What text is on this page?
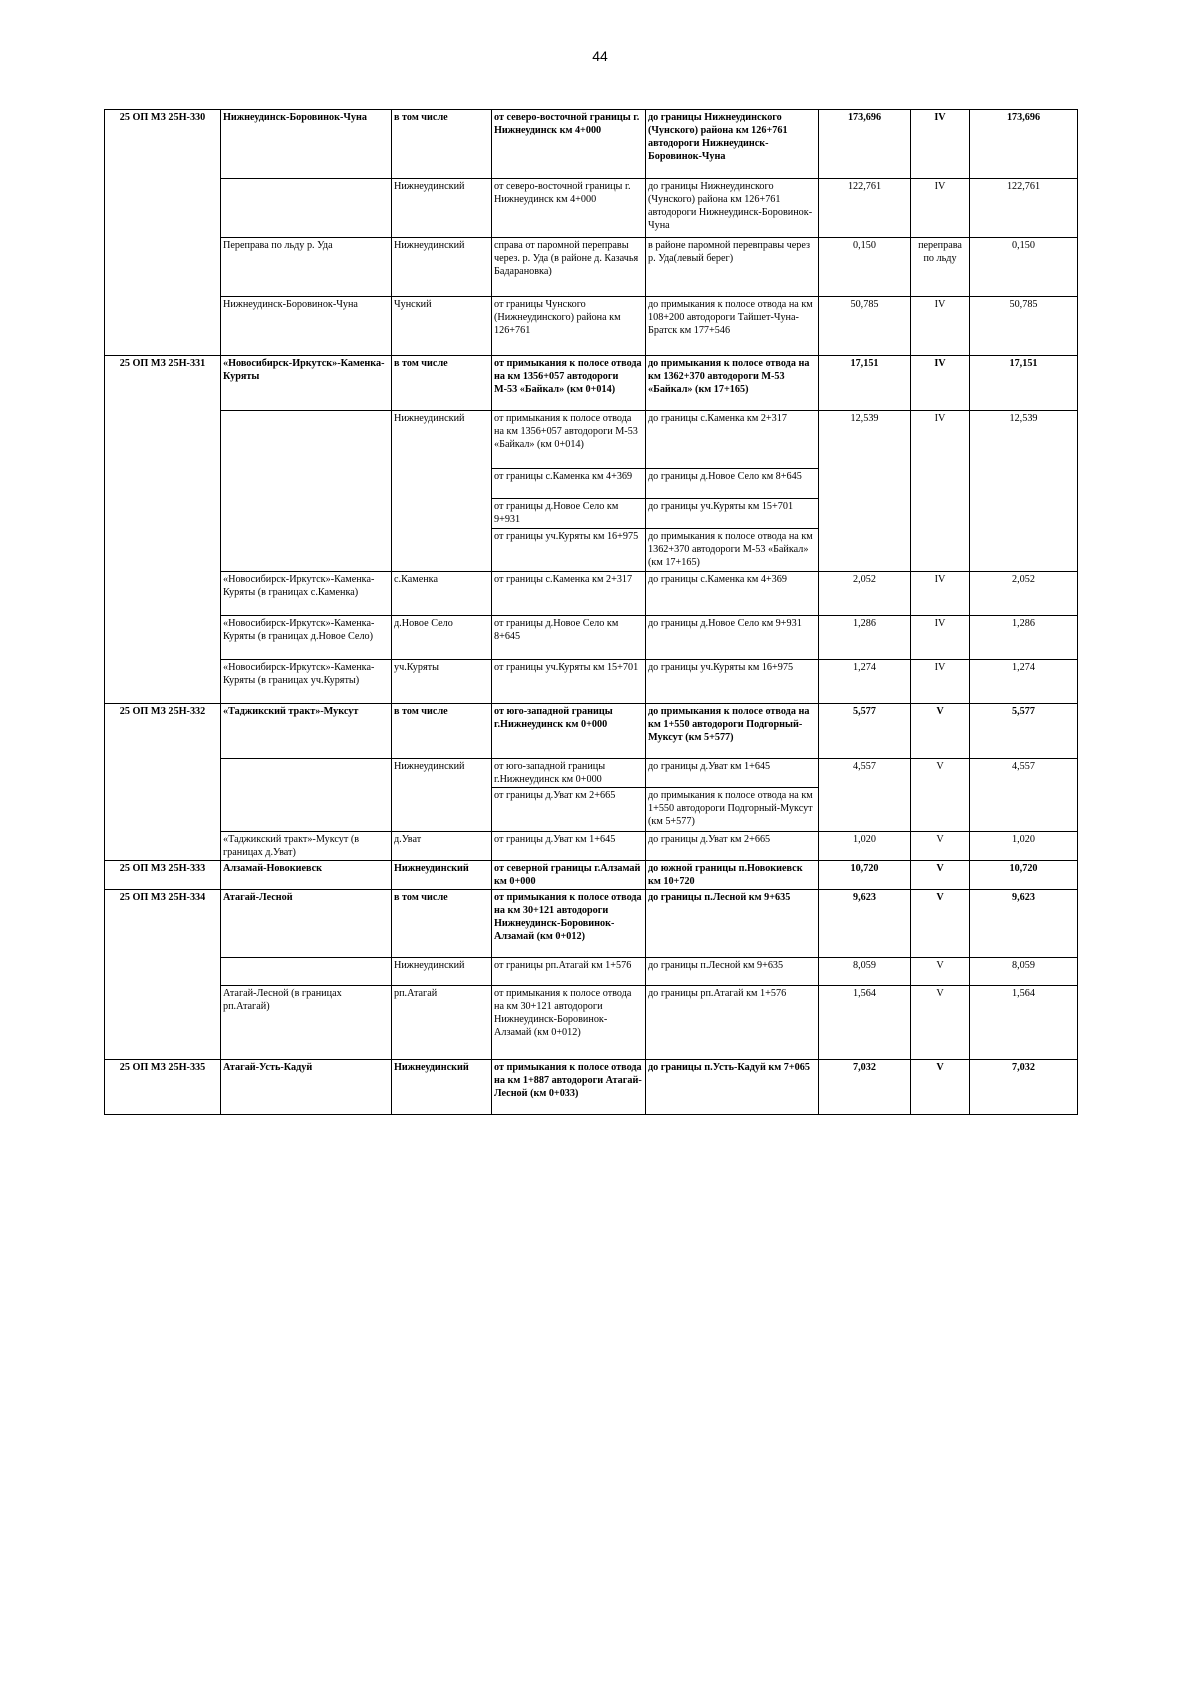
44
25 ОП МЗ 25Н-330	Нижнеудинск-Боровинок-Чуна	в том числе	от северо-восточной границы г. Нижнеудинск км 4+000	до границы Нижнеудинского (Чунского) района км 126+761 автодороги Нижнеудинск-Боровинок-Чуна	173,696	IV	173,696
		Нижнеудинский	от северо-восточной границы г. Нижнеудинск км 4+000	до границы Нижнеудинского (Чунского) района км 126+761 автодороги Нижнеудинск-Боровинок-Чуна	122,761	IV	122,761
	Переправа по льду р. Уда	Нижнеудинский	справа от паромной переправы через. р. Уда (в районе д. Казачья Бадарановка)	в районе паромной перевправы через р. Уда(левый берег)	0,150	переправа по льду	0,150
	Нижнеудинск-Боровинок-Чуна	Чунский	от границы Чунского (Нижнеудинского) района км 126+761	до примыкания к полосе отвода на км 108+200 автодороги Тайшет-Чуна-Братск км 177+546	50,785	IV	50,785
25 ОП МЗ 25Н-331	«Новосибирск-Иркутск»-Каменка-Куряты	в том числе	от примыкания к полосе отвода на км 1356+057 автодороги М-53 «Байкал» (км 0+014)	до примыкания к полосе отвода на км 1362+370 автодороги М-53 «Байкал» (км 17+165)	17,151	IV	17,151
		Нижнеудинский	от примыкания к полосе отвода на км 1356+057 автодороги М-53 «Байкал» (км 0+014)	до границы с.Каменка км 2+317	12,539	IV	12,539
			от границы с.Каменка км 4+369	до границы д.Новое Село км 8+645			
			от границы д.Новое Село км 9+931	до границы уч.Куряты км 15+701			
			от границы уч.Куряты км 16+975	до примыкания к полосе отвода на км 1362+370 автодороги М-53 «Байкал» (км 17+165)			
	«Новосибирск-Иркутск»-Каменка-Куряты (в границах с.Каменка)	с.Каменка	от границы с.Каменка км 2+317	до границы с.Каменка км 4+369	2,052	IV	2,052
	«Новосибирск-Иркутск»-Каменка-Куряты (в границах д.Новое Село)	д.Новое Село	от границы д.Новое Село км 8+645	до границы д.Новое Село км 9+931	1,286	IV	1,286
	«Новосибирск-Иркутск»-Каменка-Куряты (в границах уч.Куряты)	уч.Куряты	от границы уч.Куряты км 15+701	до границы уч.Куряты км 16+975	1,274	IV	1,274
25 ОП МЗ 25Н-332	«Таджикский тракт»-Муксут	в том числе	от юго-западной границы г.Нижнеудинск км 0+000	до примыкания к полосе отвода на км 1+550 автодороги Подгорный-Муксут (км 5+577)	5,577	V	5,577
		Нижнеудинский	от юго-западной границы г.Нижнеудинск км 0+000	до границы д.Уват км 1+645	4,557	V	4,557
			от границы д.Уват км 2+665	до примыкания к полосе отвода на км 1+550 автодороги Подгорный-Муксут (км 5+577)			
	«Таджикский тракт»-Муксут (в границах д.Уват)	д.Уват	от границы д.Уват км 1+645	до границы д.Уват км 2+665	1,020	V	1,020
25 ОП МЗ 25Н-333	Алзамай-Новокиевск	Нижнеудинский	от северной границы г.Алзамай км 0+000	до южной границы п.Новокиевск км 10+720	10,720	V	10,720
25 ОП МЗ 25Н-334	Атагай-Лесной	в том числе	от примыкания к полосе отвода на км 30+121 автодороги Нижнеудинск-Боровинок-Алзамай (км 0+012)	до границы п.Лесной км 9+635	9,623	V	9,623
		Нижнеудинский	от границы рп.Атагай км 1+576	до границы п.Лесной км 9+635	8,059	V	8,059
	Атагай-Лесной (в границах рп.Атагай)	рп.Атагай	от примыкания к полосе отвода на км 30+121 автодороги Нижнеудинск-Боровинок-Алзамай (км 0+012)	до границы рп.Атагай км 1+576	1,564	V	1,564
25 ОП МЗ 25Н-335	Атагай-Усть-Кадуй	Нижнеудинский	от примыкания к полосе отвода на км 1+887 автодороги Атагай-Лесной (км 0+033)	до границы п.Усть-Кадуй км 7+065	7,032	V	7,032
